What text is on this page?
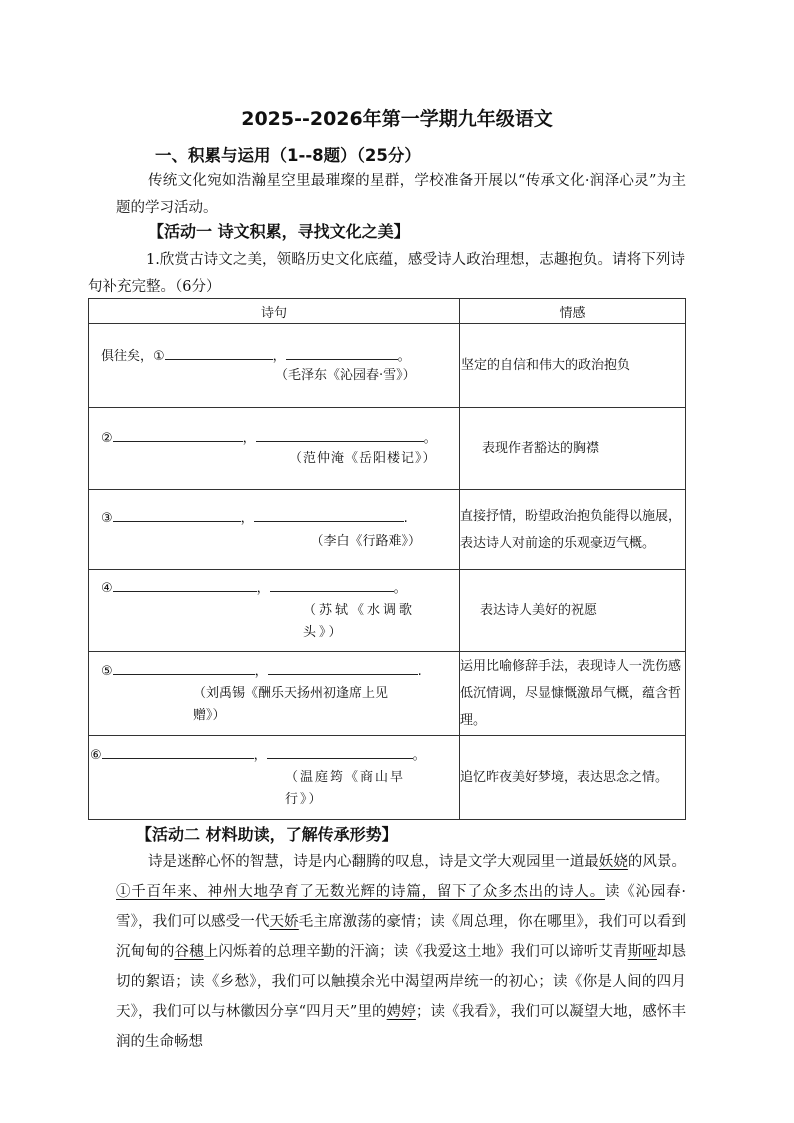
2025--2026年第一学期九年级语文
一、积累与运用（1--8题）（25分）
传统文化宛如浩瀚星空里最璀璨的星群，学校准备开展以“传承文化·润泽心灵”为主题的学习活动。
【活动一 诗文积累，寻找文化之美】
1.欣赏古诗文之美，领略历史文化底蕴，感受诗人政治理想，志趣抱负。请将下列诗句补充完整。（6分）
诗句	情感

俱往矣，① ， 。
（毛泽东《沁园春·雪》）	坚定的自信和伟大的政治抱负

② ， 。
（范仲淹《岳阳楼记》）	表现作者豁达的胸襟

③ ， .
（李白《行路难》）	直接抒情，盼望政治抱负能得以施展，表达诗人对前途的乐观豪迈气概。

④ ， 。
（苏轼《水调歌头》）	表达诗人美好的祝愿

⑤ ， .
（刘禹锡《酬乐天扬州初逢席上见赠》）	运用比喻修辞手法，表现诗人一洗伤感低沉情调，尽显慷慨激昂气概，蕴含哲理。

⑥ ， 。
（温庭筠《商山早行》）	追忆昨夜美好梦境，表达思念之情。
【活动二 材料助读，了解传承形势】
诗是迷醉心怀的智慧，诗是内心翻腾的叹息，诗是文学大观园里一道最妖娆的风景。①千百年来、神州大地孕育了无数光辉的诗篇，留下了众多杰出的诗人。读《沁园春·雪》，我们可以感受一代天娇毛主席激荡的豪情；读《周总理，你在哪里》，我们可以看到沉甸甸的谷穗上闪烁着的总理辛勤的汗滴；读《我爱这土地》我们可以谛听艾青斯哑却恳切的絮语；读《乡愁》，我们可以触摸余光中渴望两岸统一的初心；读《你是人间的四月天》，我们可以与林徽因分享“四月天”里的娉婷；读《我看》，我们可以凝望大地，感怀丰润的生命畅想
